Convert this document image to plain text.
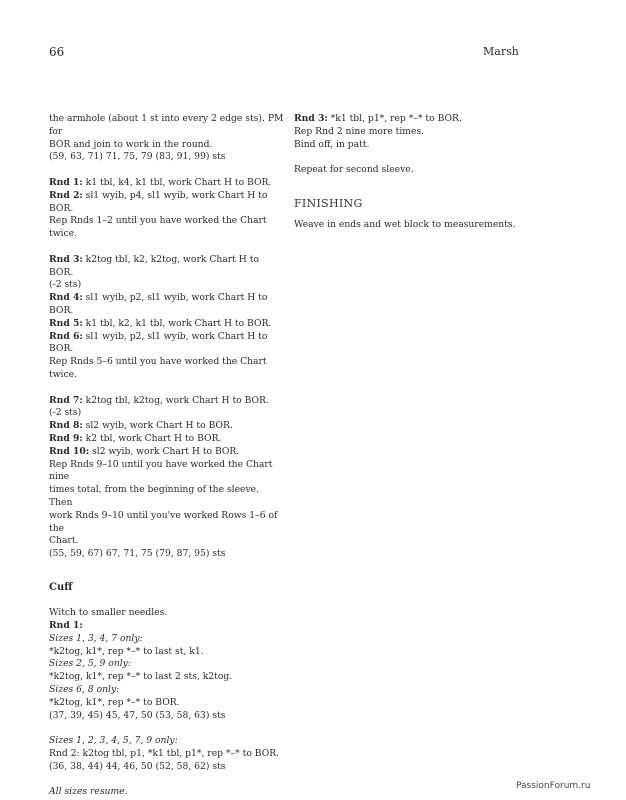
66	Marsh

the armhole (about 1 st into every 2 edge sts). PM for

BOR and join to work in the round.

(59, 63, 71) 71, 75, 79 (83, 91, 99) sts

Rnd 1: k1 tbl, k4, k1 tbl, work Chart H to BOR.

Rnd 2: sl1 wyib, p4, sl1 wyib, work Chart H to BOR.

Rep Rnds 1–2 until you have worked the Chart twice.

Rnd 3: k2tog tbl, k2, k2tog, work Chart H to BOR.

(-2 sts)

Rnd 4: sl1 wyib, p2, sl1 wyib, work Chart H to BOR.

Rnd 5: k1 tbl, k2, k1 tbl, work Chart H to BOR.

Rnd 6: sl1 wyib, p2, sl1 wyib, work Chart H to BOR.

Rep Rnds 5–6 until you have worked the Chart twice.

Rnd 7: k2tog tbl, k2tog, work Chart H to BOR.

(-2 sts)

Rnd 8: sl2 wyib, work Chart H to BOR.

Rnd 9: k2 tbl, work Chart H to BOR.

Rnd 10: sl2 wyib, work Chart H to BOR.

Rep Rnds 9–10 until you have worked the Chart nine

times total, from the beginning of the sleeve. Then

work Rnds 9–10 until you've worked Rows 1–6 of the

Chart.

(55, 59, 67) 67, 71, 75 (79, 87, 95) sts

Cuff

Witch to smaller needles.

Rnd 1:

Sizes 1, 3, 4, 7 only:

*k2tog, k1*, rep *–* to last st, k1.

Sizes 2, 5, 9 only:

*k2tog, k1*, rep *–* to last 2 sts, k2tog.

Sizes 6, 8 only:

*k2tog, k1*, rep *–* to BOR.

(37, 39, 45) 45, 47, 50 (53, 58, 63) sts

Sizes 1, 2, 3, 4, 5, 7, 9 only:

Rnd 2: k2tog tbl, p1, *k1 tbl, p1*, rep *–* to BOR.

(36, 38, 44) 44, 46, 50 (52, 58, 62) sts

All sizes resume.

Rnd 3: *k1 tbl, p1*, rep *–* to BOR.

Rep Rnd 2 nine more times.

Bind off, in patt.

Repeat for second sleeve.

FINISHING

Weave in ends and wet block to measurements.

PassionForum.ru
